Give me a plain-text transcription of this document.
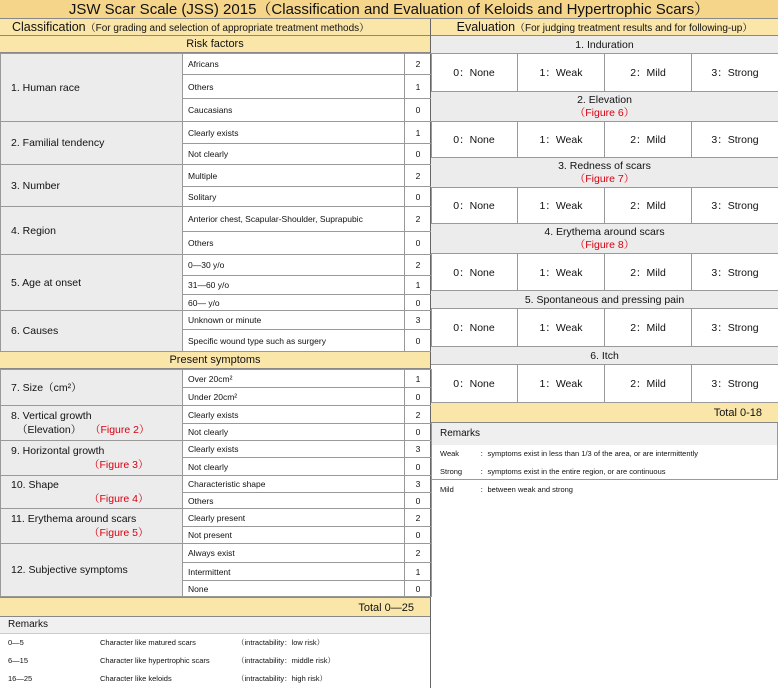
JSW Scar Scale (JSS) 2015（Classification and Evaluation of Keloids and Hypertrophic Scars）
Classification（For grading and selection of appropriate treatment methods）
Risk factors
1. Human race	Africans	2
	Others	1
	Caucasians	0

2. Familial tendency	Clearly exists	1
	Not clearly	0

3. Number	Multiple	2
	Solitary	0

4. Region	Anterior chest, Scapular-Shoulder, Suprapubic	2
	Others	0

5. Age at onset	0—30 y/o	2
	31—60 y/o	1
	60— y/o	0

6. Causes	Unknown or minute	3
	Specific wound type such as surgery	0
Present symptoms
7. Size（cm²）	Over 20cm²	1
	Under 20cm²	0

8. Vertical growth
（Elevation） （Figure 2）	Clearly exists	2
	Not clearly	0

9. Horizontal growth
（Figure 3）	Clearly exists	3
	Not clearly	0

10. Shape
（Figure 4）	Characteristic shape	3
	Others	0

11. Erythema around scars
（Figure 5）	Clearly present	2
	Not present	0

12. Subjective symptoms	Always exist	2
	Intermittent	1
	None	0
Total 0—25
Remarks
0—5	Character like matured scars	（intractability：low risk）
6—15	Character like hypertrophic scars	（intractability：middle risk）
16—25	Character like keloids	（intractability：high risk）
Evaluation（For judging treatment results and for following-up）
1. Induration
0：None	1：Weak	2：Mild	3：Strong
2. Elevation
（Figure 6）
0：None	1：Weak	2：Mild	3：Strong
3. Redness of scars
（Figure 7）
0：None	1：Weak	2：Mild	3：Strong
4. Erythema around scars
（Figure 8）
0：None	1：Weak	2：Mild	3：Strong
5. Spontaneous and pressing pain
0：None	1：Weak	2：Mild	3：Strong
6. Itch
0：None	1：Weak	2：Mild	3：Strong
Total 0-18
Remarks
Weak	：symptoms exist in less than 1/3 of the area, or are intermittently
Strong	：symptoms exist in the entire region, or are continuous
Mild	：between weak and strong
